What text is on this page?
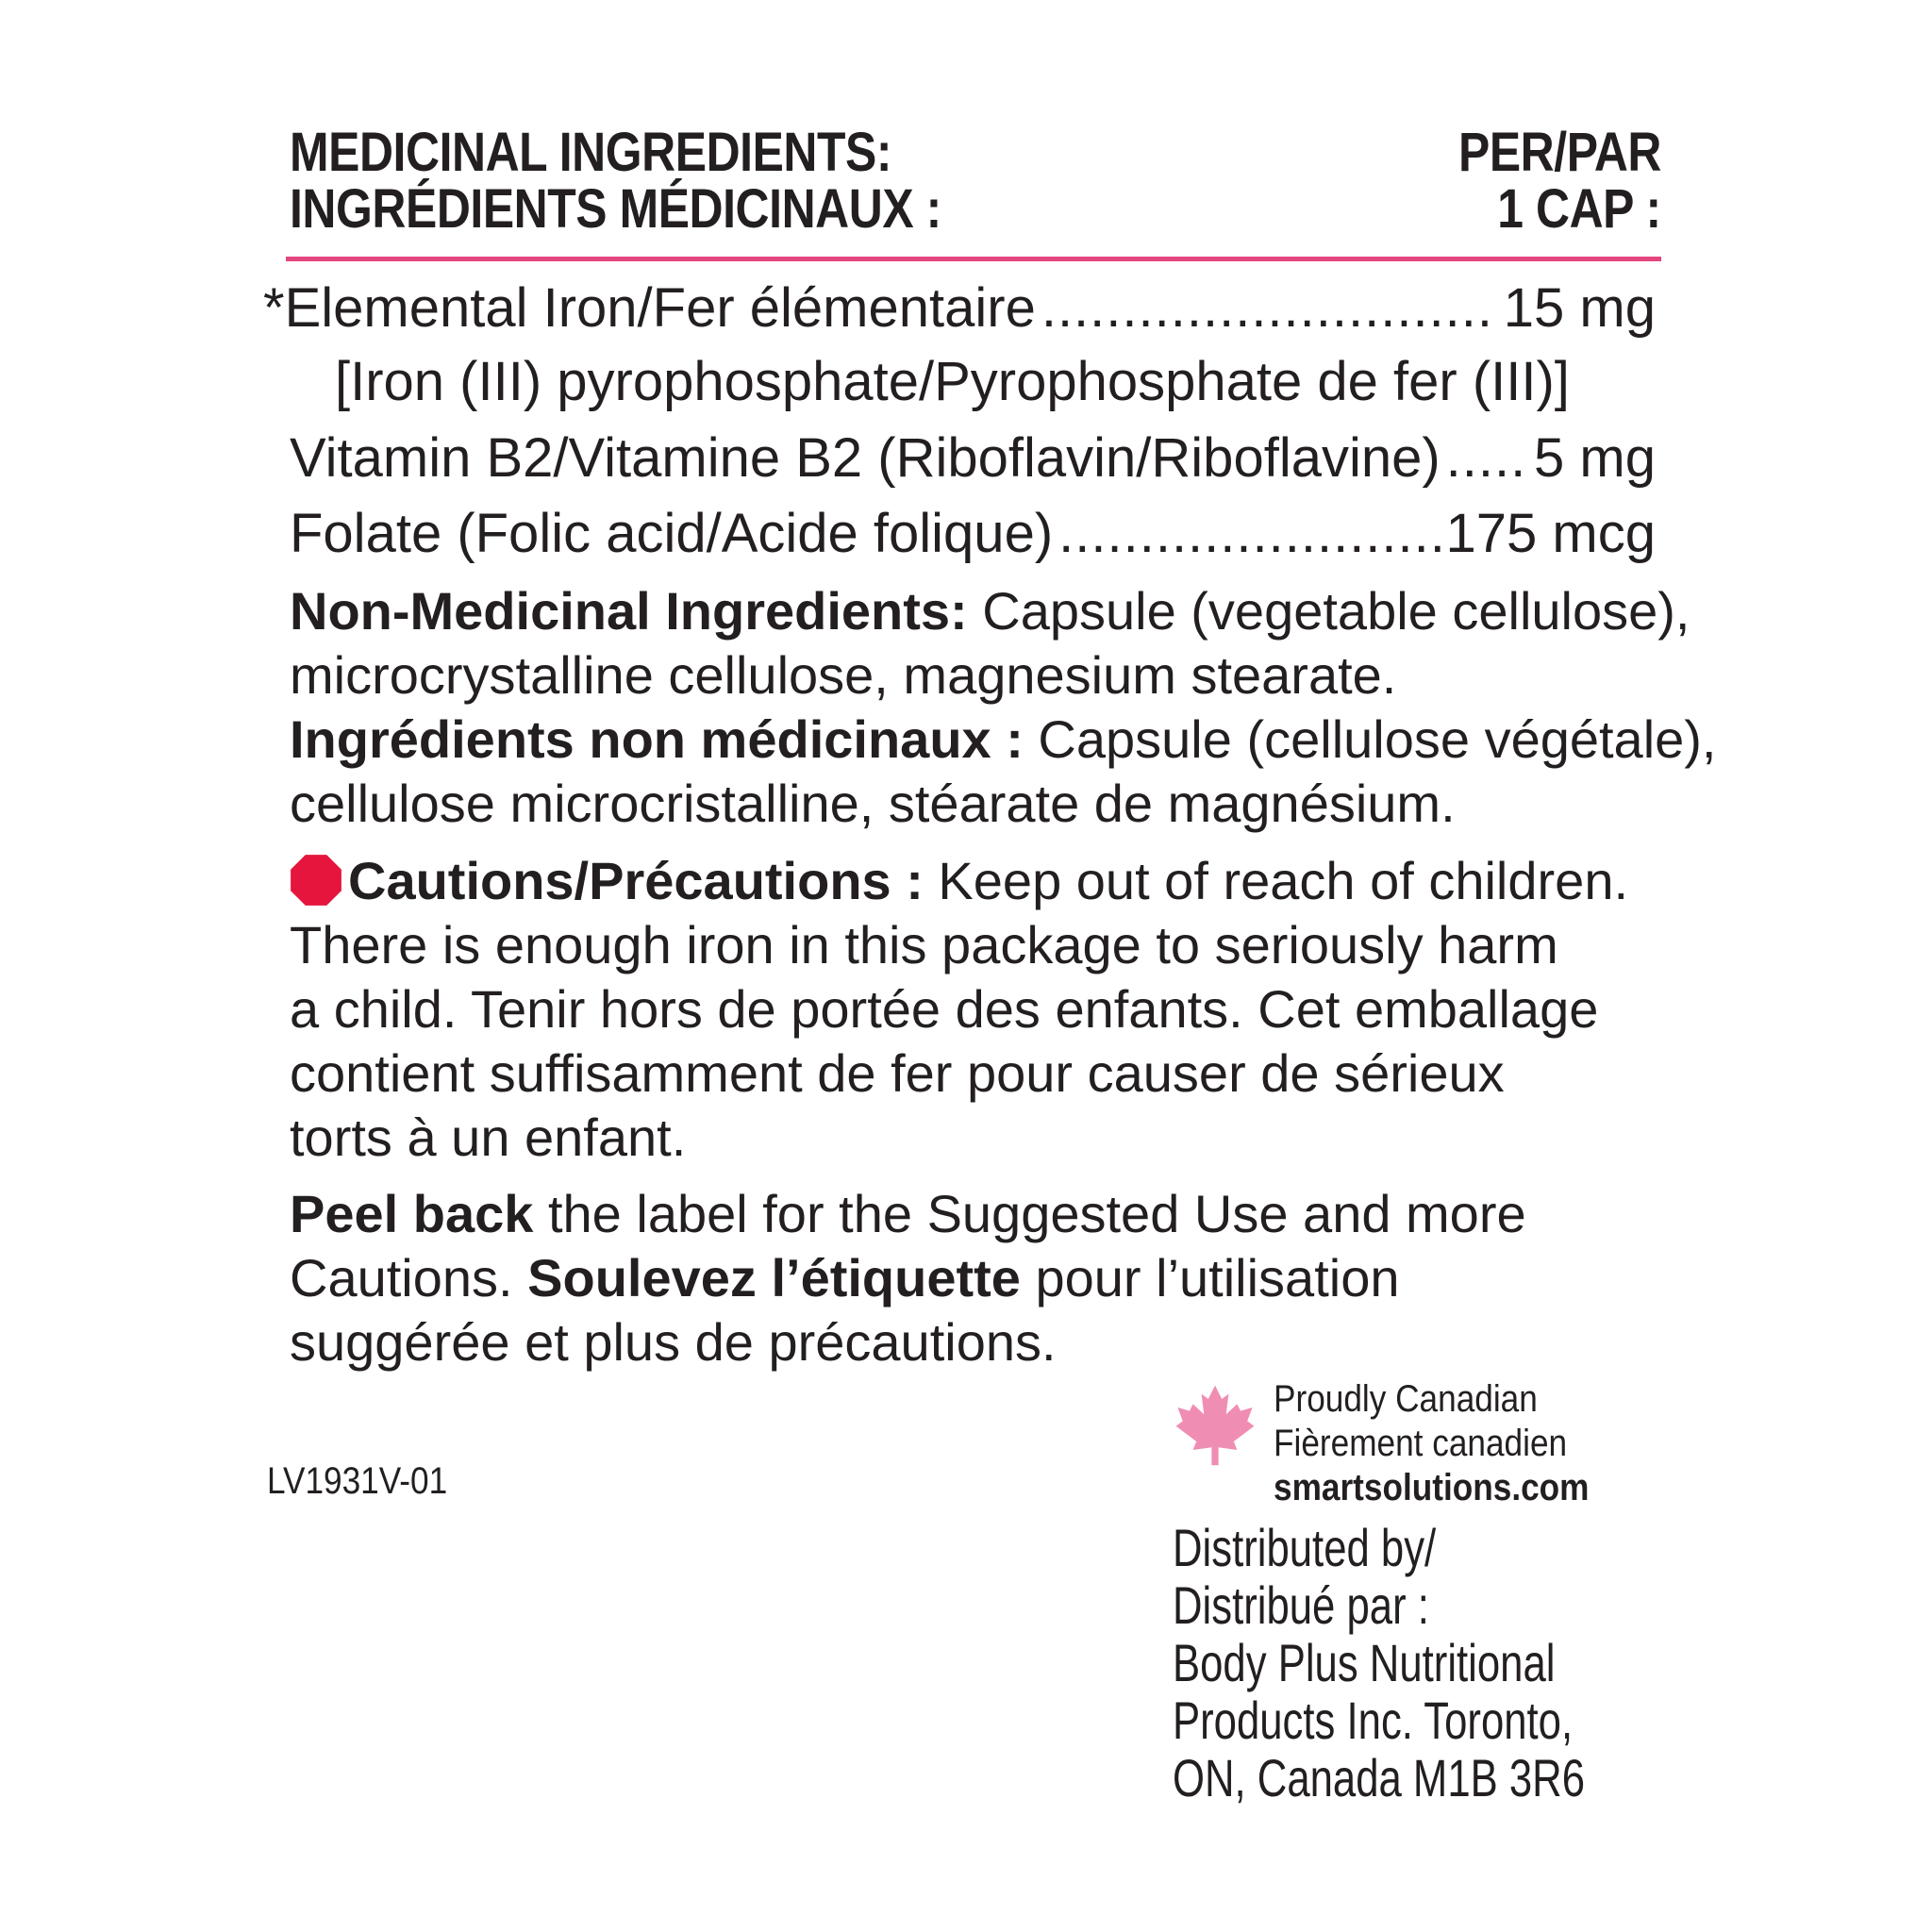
MEDICINAL INGREDIENTS:
INGRÉDIENTS MÉDICINAUX :
PER/PAR
1 CAP :
*Elemental Iron/Fer élémentaire .....	15 mg
[Iron (III) pyrophosphate/Pyrophosphate de fer (III)]
Vitamin B2/Vitamine B2 (Riboflavin/Riboflavine) ..... 5 mg
Folate (Folic acid/Acide folique) .....	175 mcg
Non-Medicinal Ingredients: Capsule (vegetable cellulose),
microcrystalline cellulose, magnesium stearate.
Ingrédients non médicinaux : Capsule (cellulose végétale),
cellulose microcristalline, stéarate de magnésium.
Cautions/Précautions : Keep out of reach of children.
There is enough iron in this package to seriously harm
a child. Tenir hors de portée des enfants. Cet emballage
contient suffisamment de fer pour causer de sérieux
torts à un enfant.
Peel back the label for the Suggested Use and more
Cautions. Soulevez l’étiquette pour l’utilisation
suggérée et plus de précautions.
LV1931V-01
Proudly Canadian
Fièrement canadien
smartsolutions.com
Distributed by/
Distribué par :
Body Plus Nutritional
Products Inc. Toronto,
ON, Canada M1B 3R6
